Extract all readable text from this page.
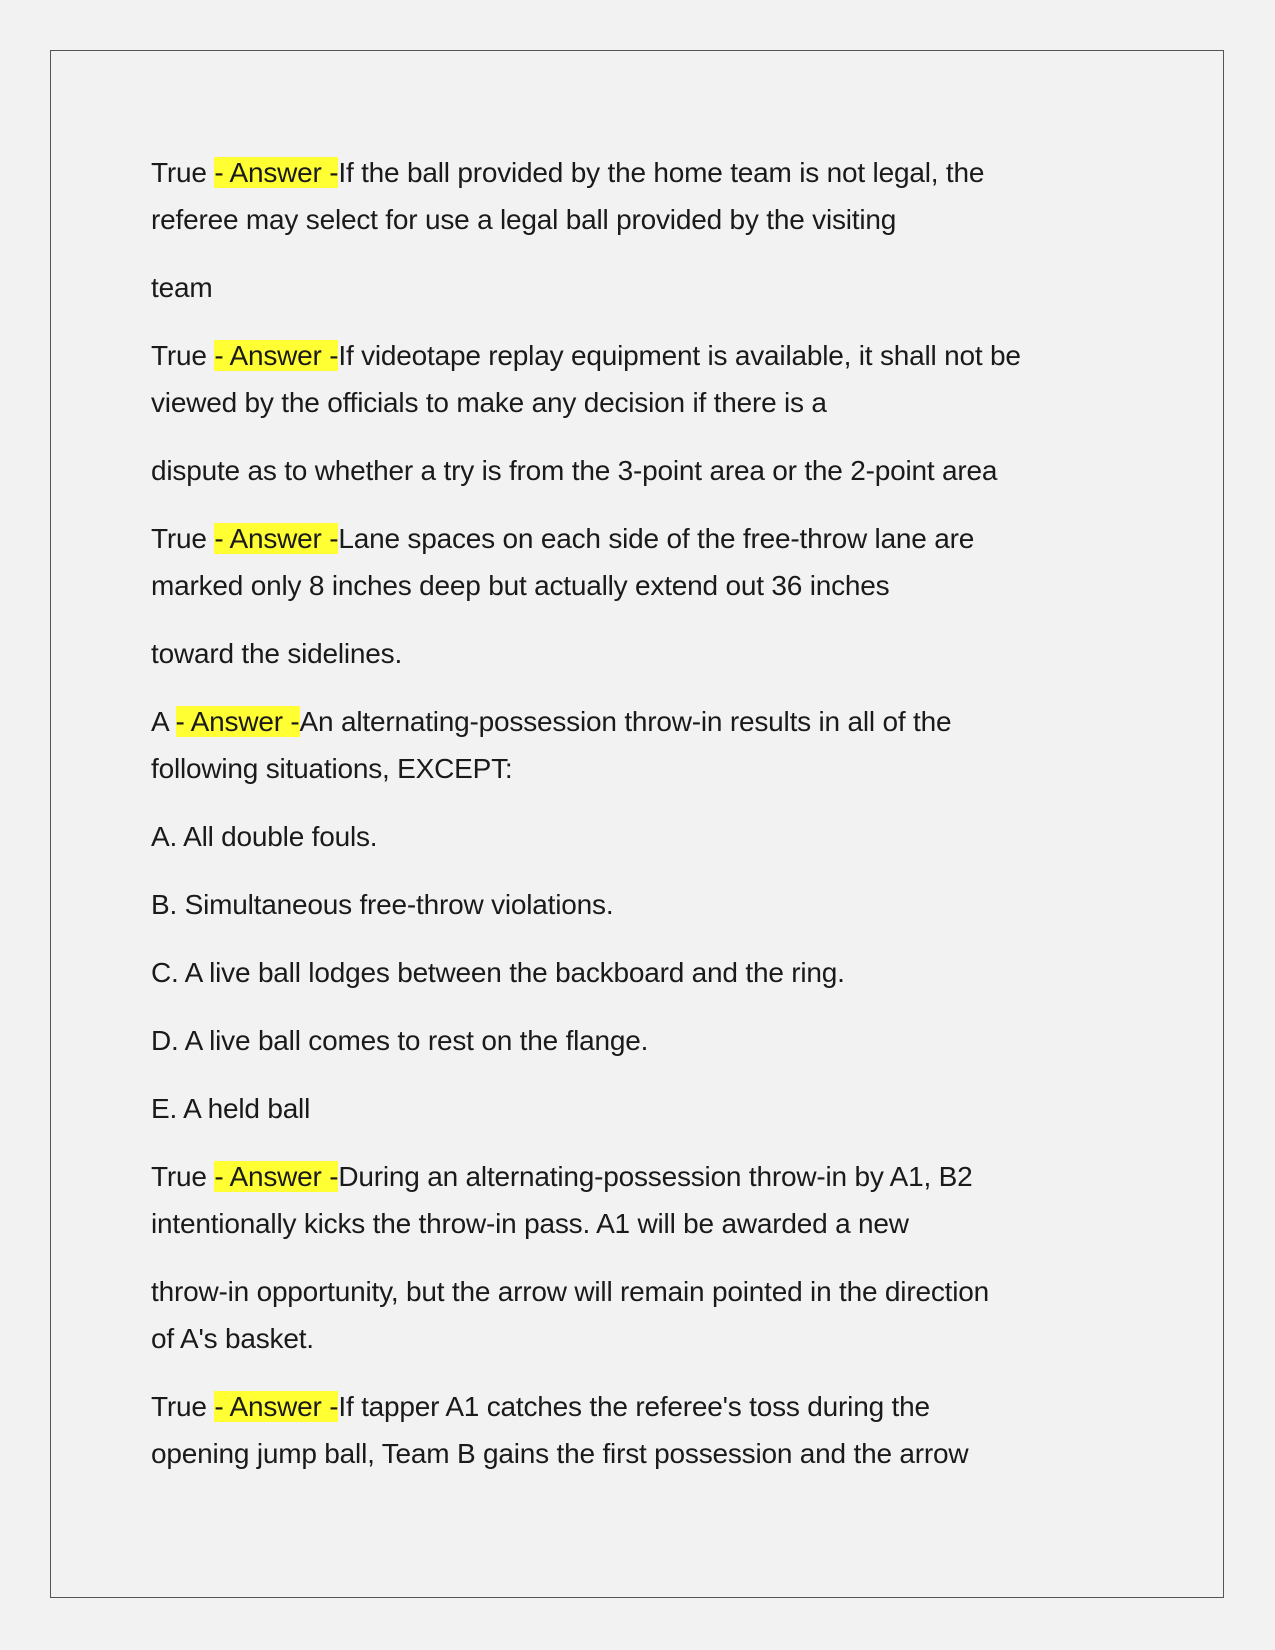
True - Answer -If the ball provided by the home team is not legal, the
referee may select for use a legal ball provided by the visiting
team
True - Answer -If videotape replay equipment is available, it shall not be
viewed by the officials to make any decision if there is a
dispute as to whether a try is from the 3-point area or the 2-point area
True - Answer -Lane spaces on each side of the free-throw lane are
marked only 8 inches deep but actually extend out 36 inches
toward the sidelines.
A - Answer -An alternating-possession throw-in results in all of the
following situations, EXCEPT:
A. All double fouls.
B. Simultaneous free-throw violations.
C. A live ball lodges between the backboard and the ring.
D. A live ball comes to rest on the flange.
E. A held ball
True - Answer -During an alternating-possession throw-in by A1, B2
intentionally kicks the throw-in pass. A1 will be awarded a new
throw-in opportunity, but the arrow will remain pointed in the direction
of A's basket.
True - Answer -If tapper A1 catches the referee's toss during the
opening jump ball, Team B gains the first possession and the arrow
